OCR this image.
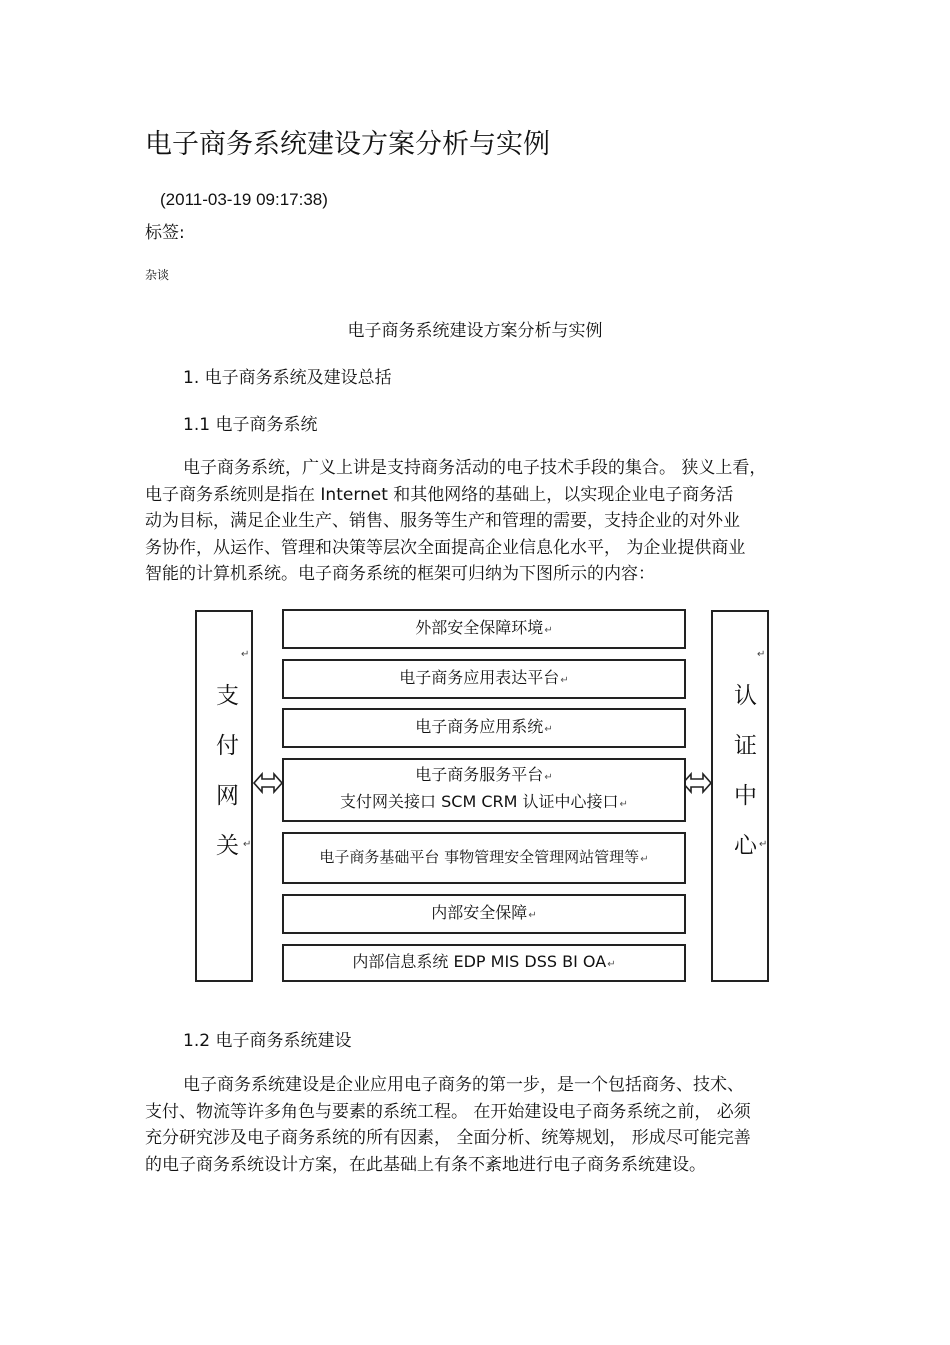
电子商务系统建设方案分析与实例
(2011-03-19 09:17:38)
标签:
杂谈
电子商务系统建设方案分析与实例
1. 电子商务系统及建设总括
1.1 电子商务系统
电子商务系统，广义上讲是支持商务活动的电子技术手段的集合。 狭义上看，
电子商务系统则是指在 Internet 和其他网络的基础上，以实现企业电子商务活
动为目标，满足企业生产、销售、服务等生产和管理的需要，支持企业的对外业
务协作，从运作、管理和决策等层次全面提高企业信息化水平， 为企业提供商业
智能的计算机系统。电子商务系统的框架可归纳为下图所示的内容：
↵
支
付
网
关 ↵
↵
认
证
中
心 ↵
外部安全保障环境↵
电子商务应用表达平台↵
电子商务应用系统↵
电子商务服务平台↵
支付网关接口 SCM CRM 认证中心接口↵
电子商务基础平台 事物管理安全管理网站管理等↵
内部安全保障↵
内部信息系统 EDP MIS DSS BI OA↵
1.2 电子商务系统建设
电子商务系统建设是企业应用电子商务的第一步，是一个包括商务、技术、
支付、物流等许多角色与要素的系统工程。 在开始建设电子商务系统之前， 必须
充分研究涉及电子商务系统的所有因素， 全面分析、统筹规划， 形成尽可能完善
的电子商务系统设计方案，在此基础上有条不紊地进行电子商务系统建设。
